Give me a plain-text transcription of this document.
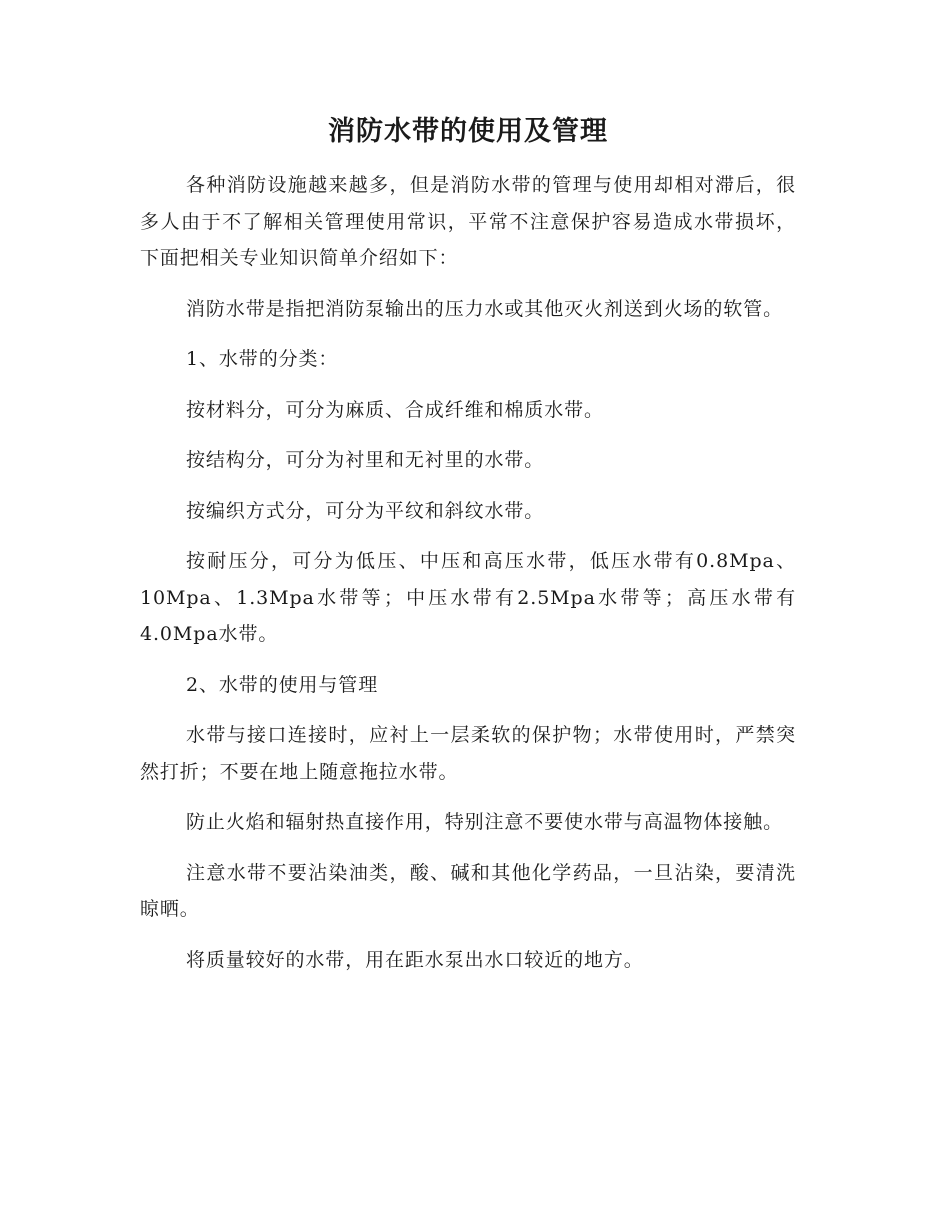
消防水带的使用及管理

各种消防设施越来越多，但是消防水带的管理与使用却相对滞后，很多人由于不了解相关管理使用常识，平常不注意保护容易造成水带损坏，下面把相关专业知识简单介绍如下：

消防水带是指把消防泵输出的压力水或其他灭火剂送到火场的软管。

1、水带的分类：

按材料分，可分为麻质、合成纤维和棉质水带。

按结构分，可分为衬里和无衬里的水带。

按编织方式分，可分为平纹和斜纹水带。

按耐压分，可分为低压、中压和高压水带，低压水带有0.8Mpa、10Mpa、1.3Mpa水带等；中压水带有2.5Mpa水带等；高压水带有4.0Mpa水带。

2、水带的使用与管理

水带与接口连接时，应衬上一层柔软的保护物；水带使用时，严禁突然打折；不要在地上随意拖拉水带。

防止火焰和辐射热直接作用，特别注意不要使水带与高温物体接触。

注意水带不要沾染油类，酸、碱和其他化学药品，一旦沾染，要清洗晾晒。

将质量较好的水带，用在距水泵出水口较近的地方。
